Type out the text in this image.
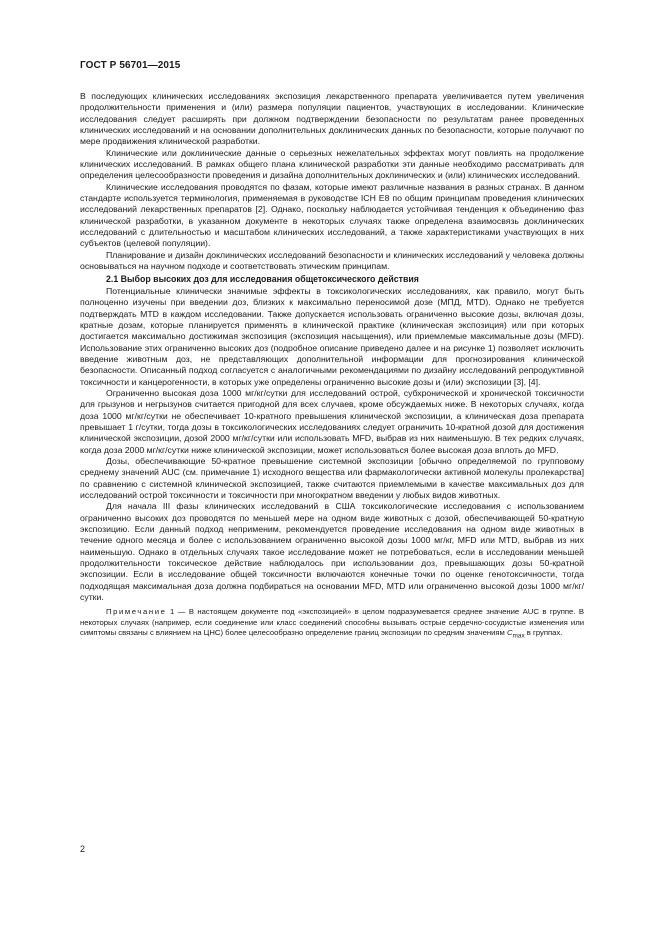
ГОСТ Р 56701—2015

В последующих клинических исследованиях экспозиция лекарственного препарата увеличивается путем увеличения продолжительности применения и (или) размера популяции пациентов, участвующих в исследовании. Клинические исследования следует расширять при должном подтверждении безопасности по результатам ранее проведенных клинических исследований и на основании дополнительных доклинических данных по безопасности, которые получают по мере продвижения клинической разработки.

Клинические или доклинические данные о серьезных нежелательных эффектах могут повлиять на продолжение клинических исследований. В рамках общего плана клинической разработки эти данные необходимо рассматривать для определения целесообразности проведения и дизайна дополнительных доклинических и (или) клинических исследований.

Клинические исследования проводятся по фазам, которые имеют различные названия в разных странах. В данном стандарте используется терминология, применяемая в руководстве ICH E8 по общим принципам проведения клинических исследований лекарственных препаратов [2]. Однако, поскольку наблюдается устойчивая тенденция к объединению фаз клинической разработки, в указанном документе в некоторых случаях также определена взаимосвязь доклинических исследований с длительностью и масштабом клинических исследований, а также характеристиками участвующих в них субъектов (целевой популяции).

Планирование и дизайн доклинических исследований безопасности и клинических исследований у человека должны основываться на научном подходе и соответствовать этическим принципам.

2.1 Выбор высоких доз для исследования общетоксического действия

Потенциальные клинически значимые эффекты в токсикологических исследованиях, как правило, могут быть полноценно изучены при введении доз, близких к максимально переносимой дозе (МПД, MTD). Однако не требуется подтверждать MTD в каждом исследовании. Также допускается использовать ограниченно высокие дозы, включая дозы, кратные дозам, которые планируется применять в клинической практике (клиническая экспозиция) или при которых достигается максимально достижимая экспозиция (экспозиция насыщения), или приемлемые максимальные дозы (MFD). Использование этих ограниченно высоких доз (подробное описание приведено далее и на рисунке 1) позволяет исключить введение животным доз, не представляющих дополнительной информации для прогнозирования клинической безопасности. Описанный подход согласуется с аналогичными рекомендациями по дизайну исследований репродуктивной токсичности и канцерогенности, в которых уже определены ограниченно высокие дозы и (или) экспозиции [3], [4].

Ограниченно высокая доза 1000 мг/кг/сутки для исследований острой, субхронической и хронической токсичности для грызунов и негрызунов считается пригодной для всех случаев, кроме обсуждаемых ниже. В некоторых случаях, когда доза 1000 мг/кг/сутки не обеспечивает 10-кратного превышения клинической экспозиции, а клиническая доза препарата превышает 1 г/сутки, тогда дозы в токсикологических исследованиях следует ограничить 10-кратной дозой для достижения клинической экспозиции, дозой 2000 мг/кг/сутки или использовать MFD, выбрав из них наименьшую. В тех редких случаях, когда доза 2000 мг/кг/сутки ниже клинической экспозиции, может использоваться более высокая доза вплоть до MFD.

Дозы, обеспечивающие 50-кратное превышение системной экспозиции [обычно определяемой по групповому среднему значений AUC (см. примечание 1) исходного вещества или фармакологически активной молекулы пролекарства] по сравнению с системной клинической экспозицией, также считаются приемлемыми в качестве максимальных доз для исследований острой токсичности и токсичности при многократном введении у любых видов животных.

Для начала III фазы клинических исследований в США токсикологические исследования с использованием ограниченно высоких доз проводятся по меньшей мере на одном виде животных с дозой, обеспечивающей 50-кратную экспозицию. Если данный подход неприменим, рекомендуется проведение исследования на одном виде животных в течение одного месяца и более с использованием ограниченно высокой дозы 1000 мг/кг, MFD или MTD, выбрав из них наименьшую. Однако в отдельных случаях такое исследование может не потребоваться, если в исследовании меньшей продолжительности токсическое действие наблюдалось при использовании доз, превышающих дозы 50-кратной экспозиции. Если в исследование общей токсичности включаются конечные точки по оценке генотоксичности, тогда подходящая максимальная доза должна подбираться на основании MFD, MTD или ограниченно высокой дозы 1000 мг/кг/сутки.

Примечание 1 — В настоящем документе под «экспозицией» в целом подразумевается среднее значение AUC в группе. В некоторых случаях (например, если соединение или класс соединений способны вызывать острые сердечно-сосудистые изменения или симптомы связаны с влиянием на ЦНС) более целесообразно определение границ экспозиции по средним значениям $C_{max}$ в группах.

2
